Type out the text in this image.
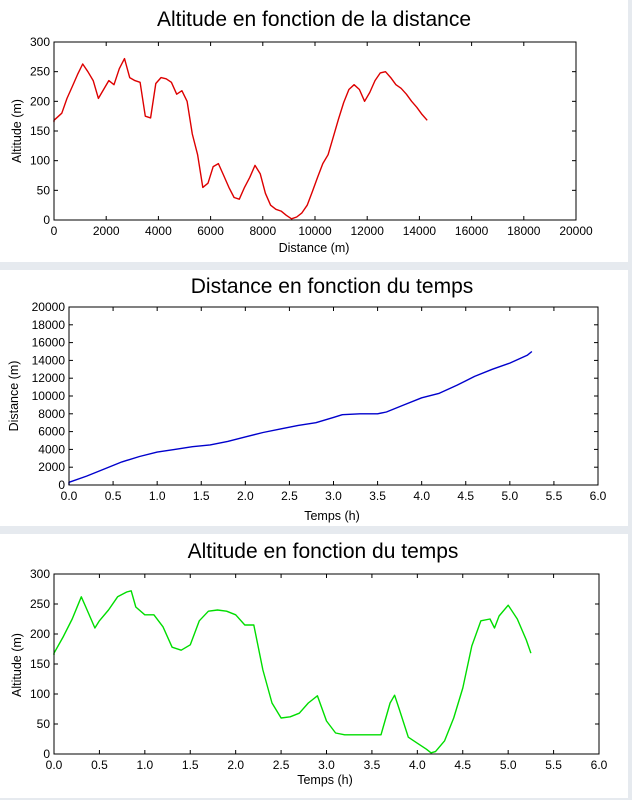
Altitude en fonction de la distance
0	2000 4000 6000 8000 10000 12000 14000 16000 18000 20000
0
50
100
150
200
250
300
Distance (m)
Altitude (m)
Distance en fonction du temps
0.0 0.5 1.0 1.5 2.0 2.5 3.0 3.5 4.0 4.5 5.0 5.5 6.0
0
2000
4000
6000
8000
10000
12000
14000
16000
18000
20000
Temps (h)
Distance (m)
Altitude en fonction du temps
0.0 0.5 1.0 1.5 2.0 2.5 3.0 3.5 4.0 4.5 5.0 5.5 6.0
0
50
100
150
200
250
300
Temps (h)
Altitude (m)
